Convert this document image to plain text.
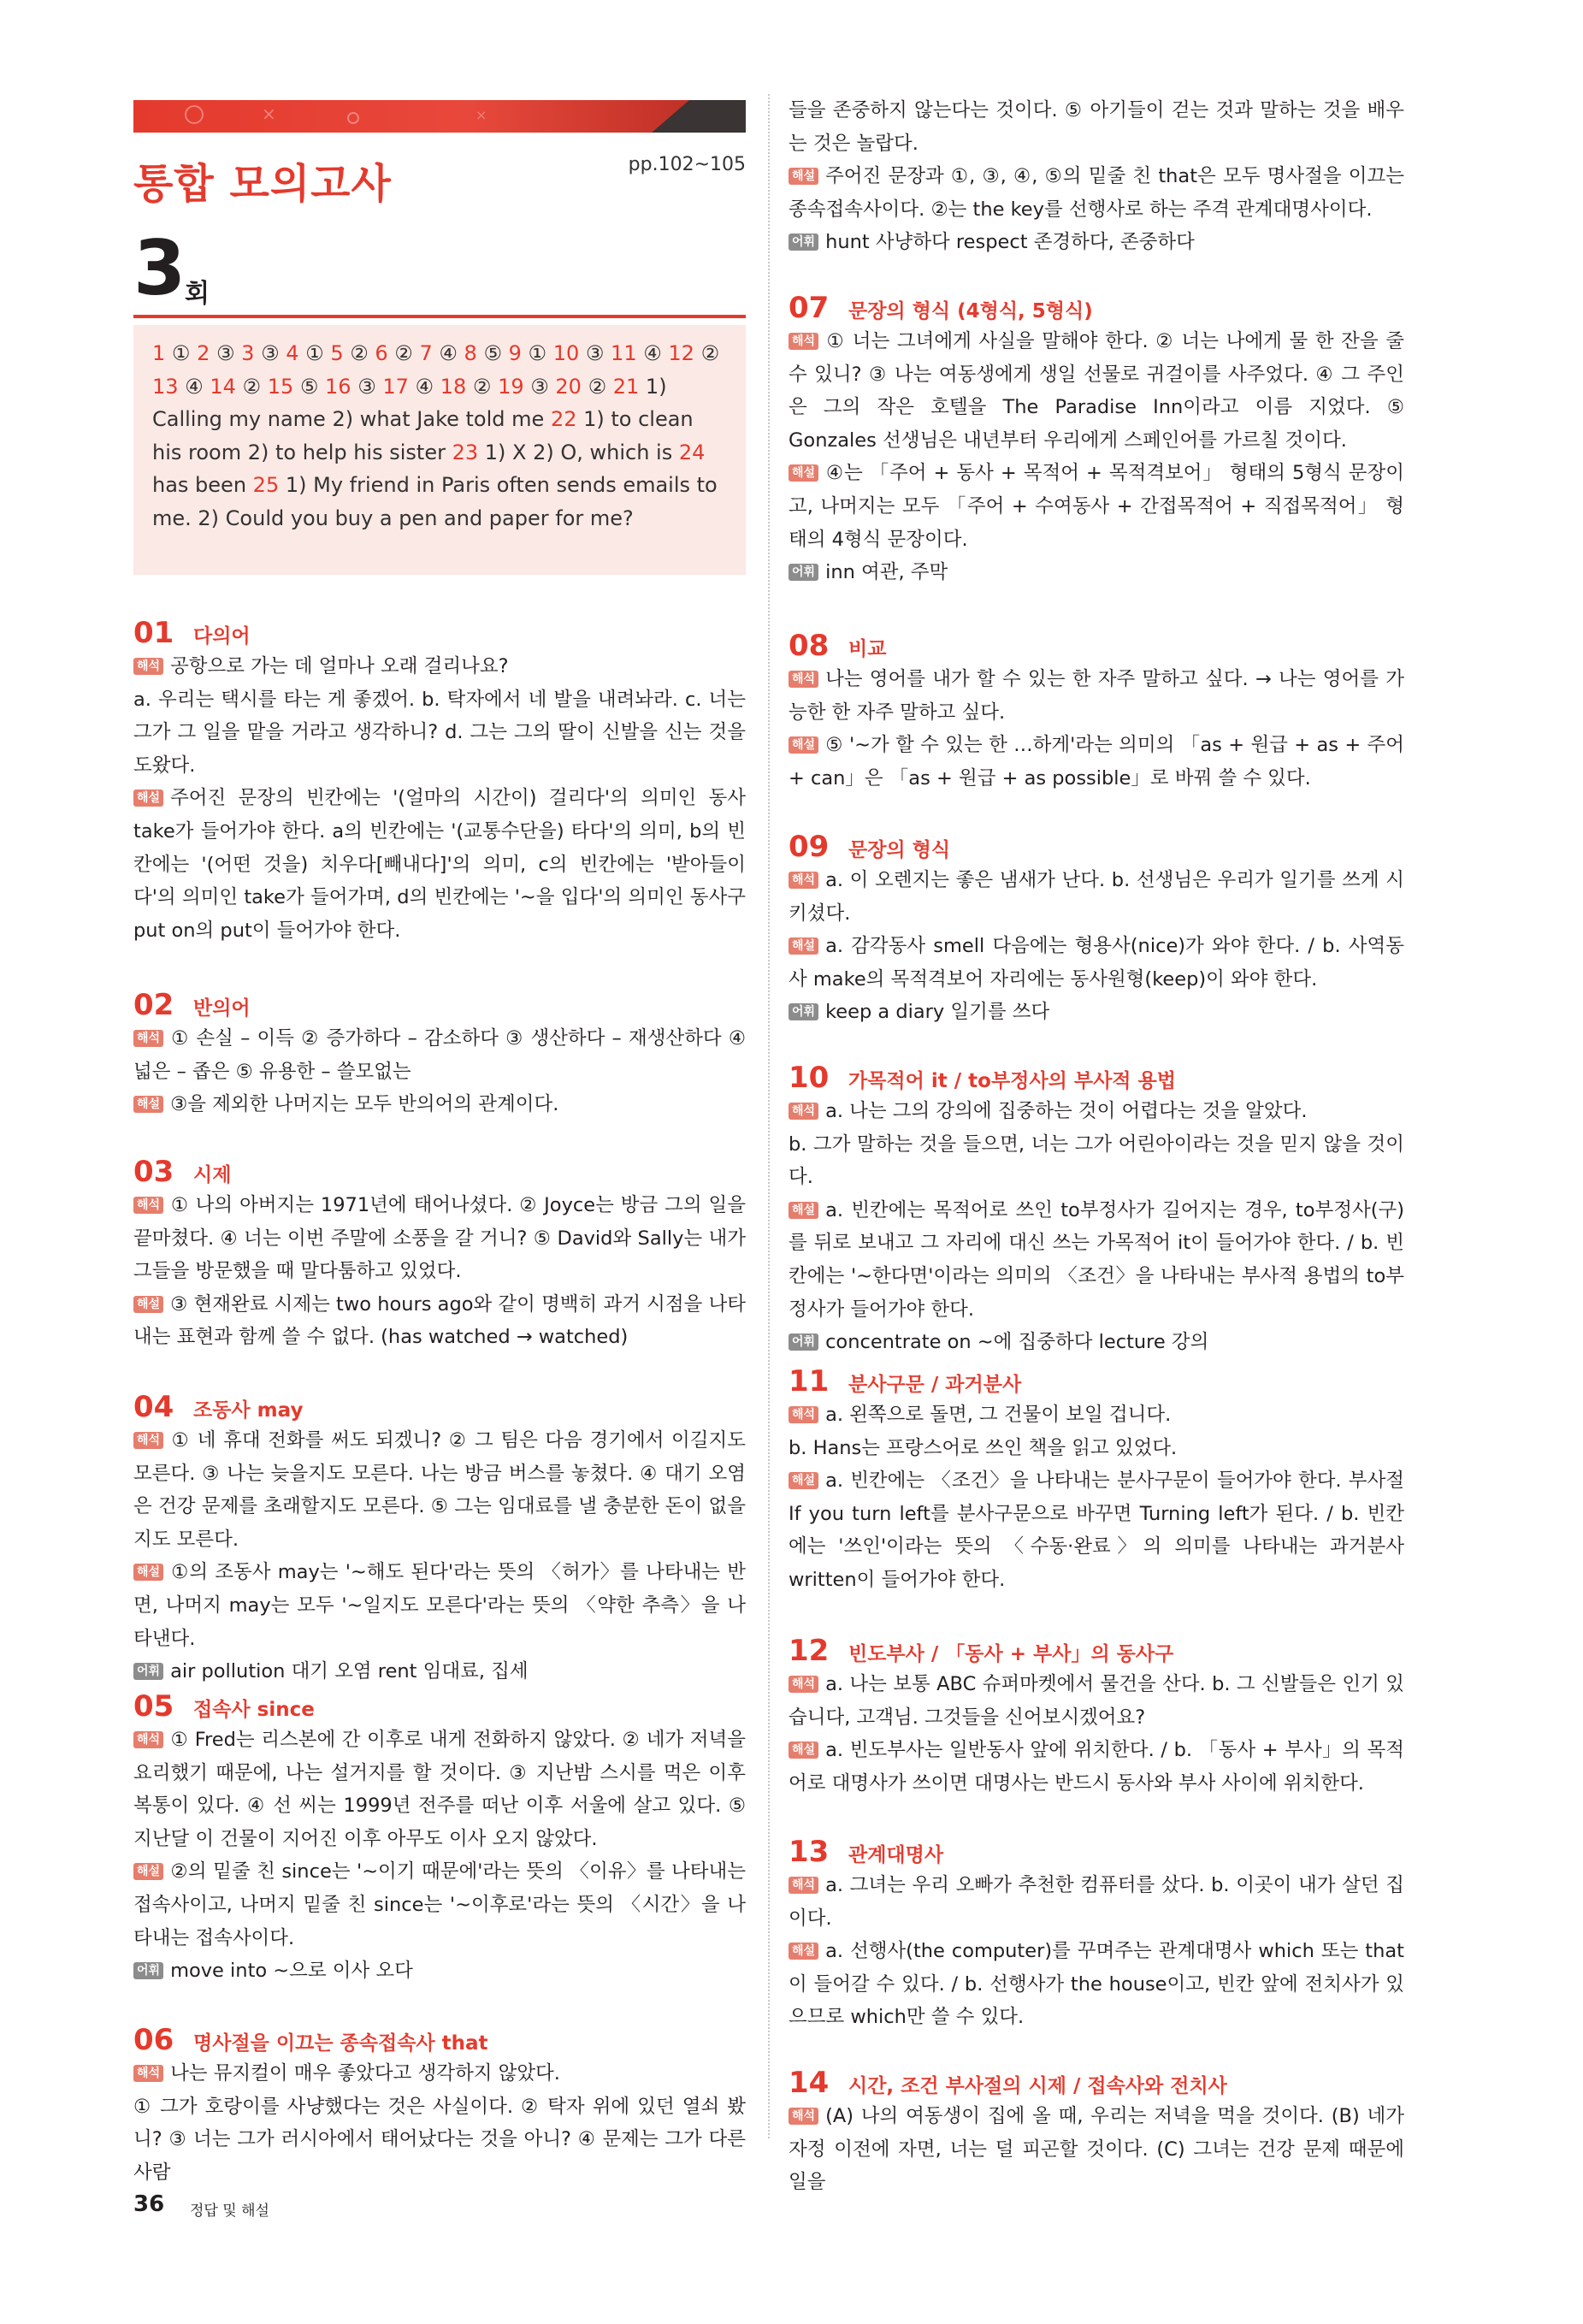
×	×
통합 모의고사	pp.102~105
3
회
1 ① 2 ③ 3 ③ 4 ① 5 ② 6 ② 7 ④ 8 ⑤ 9 ① 10 ③ 11 ④ 12 ② 13 ④ 14 ② 15 ⑤ 16 ③ 17 ④ 18 ② 19 ③ 20 ② 21 1) Calling my name 2) what Jake told me 22 1) to clean his room 2) to help his sister 23 1) X 2) O, which is 24 has been 25 1) My friend in Paris often sends emails to me. 2) Could you buy a pen and paper for me?
01 다의어

해석 공항으로 가는 데 얼마나 오래 걸리나요?

a. 우리는 택시를 타는 게 좋겠어. b. 탁자에서 네 발을 내려놔라. c. 너는 그가 그 일을 맡을 거라고 생각하니? d. 그는 그의 딸이 신발을 신는 것을 도왔다.

해설 주어진 문장의 빈칸에는 '(얼마의 시간이) 걸리다'의 의미인 동사 take가 들어가야 한다. a의 빈칸에는 '(교통수단을) 타다'의 의미, b의 빈칸에는 '(어떤 것을) 치우다[빼내다]'의 의미, c의 빈칸에는 '받아들이다'의 의미인 take가 들어가며, d의 빈칸에는 '~을 입다'의 의미인 동사구 put on의 put이 들어가야 한다.

02 반의어

해석 ① 손실 – 이득 ② 증가하다 – 감소하다 ③ 생산하다 – 재생산하다 ④ 넓은 – 좁은 ⑤ 유용한 – 쓸모없는

해설 ③을 제외한 나머지는 모두 반의어의 관계이다.

03 시제

해석 ① 나의 아버지는 1971년에 태어나셨다. ② Joyce는 방금 그의 일을 끝마쳤다. ④ 너는 이번 주말에 소풍을 갈 거니? ⑤ David와 Sally는 내가 그들을 방문했을 때 말다툼하고 있었다.

해설 ③ 현재완료 시제는 two hours ago와 같이 명백히 과거 시점을 나타내는 표현과 함께 쓸 수 없다. (has watched → watched)

04 조동사 may

해석 ① 네 휴대 전화를 써도 되겠니? ② 그 팀은 다음 경기에서 이길지도 모른다. ③ 나는 늦을지도 모른다. 나는 방금 버스를 놓쳤다. ④ 대기 오염은 건강 문제를 초래할지도 모른다. ⑤ 그는 임대료를 낼 충분한 돈이 없을지도 모른다.

해설 ①의 조동사 may는 '~해도 된다'라는 뜻의 〈허가〉를 나타내는 반면, 나머지 may는 모두 '~일지도 모른다'라는 뜻의 〈약한 추측〉을 나타낸다.

어휘 air pollution 대기 오염 rent 임대료, 집세

05 접속사 since

해석 ① Fred는 리스본에 간 이후로 내게 전화하지 않았다. ② 네가 저녁을 요리했기 때문에, 나는 설거지를 할 것이다. ③ 지난밤 스시를 먹은 이후 복통이 있다. ④ 선 씨는 1999년 전주를 떠난 이후 서울에 살고 있다. ⑤ 지난달 이 건물이 지어진 이후 아무도 이사 오지 않았다.

해설 ②의 밑줄 친 since는 '~이기 때문에'라는 뜻의 〈이유〉를 나타내는 접속사이고, 나머지 밑줄 친 since는 '~이후로'라는 뜻의 〈시간〉을 나타내는 접속사이다.

어휘 move into ~으로 이사 오다

06 명사절을 이끄는 종속접속사 that

해석 나는 뮤지컬이 매우 좋았다고 생각하지 않았다.

① 그가 호랑이를 사냥했다는 것은 사실이다. ② 탁자 위에 있던 열쇠 봤니? ③ 너는 그가 러시아에서 태어났다는 것을 아니? ④ 문제는 그가 다른 사람

들을 존중하지 않는다는 것이다. ⑤ 아기들이 걷는 것과 말하는 것을 배우는 것은 놀랍다.

해설 주어진 문장과 ①, ③, ④, ⑤의 밑줄 친 that은 모두 명사절을 이끄는 종속접속사이다. ②는 the key를 선행사로 하는 주격 관계대명사이다.

어휘 hunt 사냥하다 respect 존경하다, 존중하다

07 문장의 형식 (4형식, 5형식)

해석 ① 너는 그녀에게 사실을 말해야 한다. ② 너는 나에게 물 한 잔을 줄 수 있니? ③ 나는 여동생에게 생일 선물로 귀걸이를 사주었다. ④ 그 주인은 그의 작은 호텔을 The Paradise Inn이라고 이름 지었다. ⑤ Gonzales 선생님은 내년부터 우리에게 스페인어를 가르칠 것이다.

해설 ④는 「주어 + 동사 + 목적어 + 목적격보어」 형태의 5형식 문장이고, 나머지는 모두 「주어 + 수여동사 + 간접목적어 + 직접목적어」 형태의 4형식 문장이다.

어휘 inn 여관, 주막

08 비교

해석 나는 영어를 내가 할 수 있는 한 자주 말하고 싶다. → 나는 영어를 가능한 한 자주 말하고 싶다.

해설 ⑤ '~가 할 수 있는 한 …하게'라는 의미의 「as + 원급 + as + 주어 + can」은 「as + 원급 + as possible」로 바꿔 쓸 수 있다.

09 문장의 형식

해석 a. 이 오렌지는 좋은 냄새가 난다. b. 선생님은 우리가 일기를 쓰게 시키셨다.

해설 a. 감각동사 smell 다음에는 형용사(nice)가 와야 한다. / b. 사역동사 make의 목적격보어 자리에는 동사원형(keep)이 와야 한다.

어휘 keep a diary 일기를 쓰다

10 가목적어 it / to부정사의 부사적 용법

해석 a. 나는 그의 강의에 집중하는 것이 어렵다는 것을 알았다.

b. 그가 말하는 것을 들으면, 너는 그가 어린아이라는 것을 믿지 않을 것이다.

해설 a. 빈칸에는 목적어로 쓰인 to부정사가 길어지는 경우, to부정사(구)를 뒤로 보내고 그 자리에 대신 쓰는 가목적어 it이 들어가야 한다. / b. 빈칸에는 '~한다면'이라는 의미의 〈조건〉을 나타내는 부사적 용법의 to부정사가 들어가야 한다.

어휘 concentrate on ~에 집중하다 lecture 강의

11 분사구문 / 과거분사

해석 a. 왼쪽으로 돌면, 그 건물이 보일 겁니다.

b. Hans는 프랑스어로 쓰인 책을 읽고 있었다.

해설 a. 빈칸에는 〈조건〉을 나타내는 분사구문이 들어가야 한다. 부사절 If you turn left를 분사구문으로 바꾸면 Turning left가 된다. / b. 빈칸에는 '쓰인'이라는 뜻의 〈수동·완료〉의 의미를 나타내는 과거분사 written이 들어가야 한다.

12 빈도부사 / 「동사 + 부사」의 동사구

해석 a. 나는 보통 ABC 슈퍼마켓에서 물건을 산다. b. 그 신발들은 인기 있습니다, 고객님. 그것들을 신어보시겠어요?

해설 a. 빈도부사는 일반동사 앞에 위치한다. / b. 「동사 + 부사」의 목적어로 대명사가 쓰이면 대명사는 반드시 동사와 부사 사이에 위치한다.

13 관계대명사

해석 a. 그녀는 우리 오빠가 추천한 컴퓨터를 샀다. b. 이곳이 내가 살던 집이다.

해설 a. 선행사(the computer)를 꾸며주는 관계대명사 which 또는 that이 들어갈 수 있다. / b. 선행사가 the house이고, 빈칸 앞에 전치사가 있으므로 which만 쓸 수 있다.

14 시간, 조건 부사절의 시제 / 접속사와 전치사

해석 (A) 나의 여동생이 집에 올 때, 우리는 저녁을 먹을 것이다. (B) 네가 자정 이전에 자면, 너는 덜 피곤할 것이다. (C) 그녀는 건강 문제 때문에 일을

36 정답 및 해설
